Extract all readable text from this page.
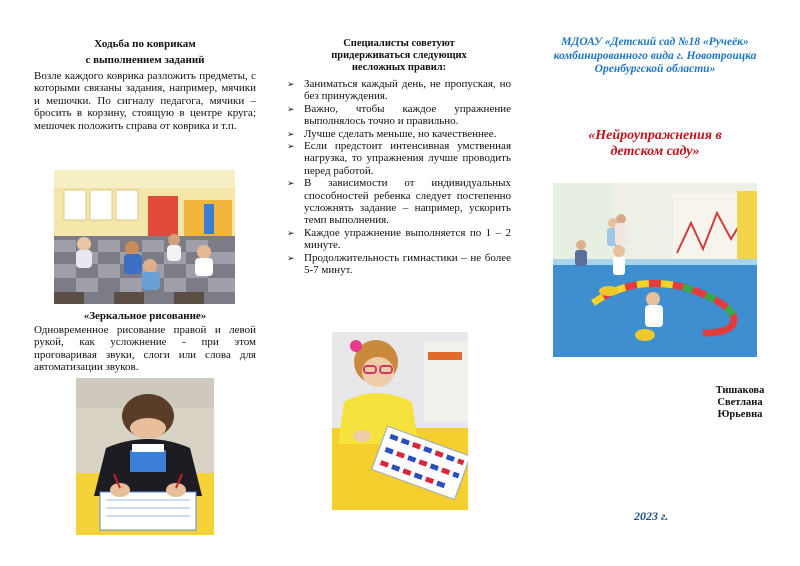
Ходьба по коврикам
с выполнением заданий
Возле каждого коврика разложить предметы, с которыми связаны задания, например, мячики и мешочки. По сигналу педагога, мячики – бросить в корзину, стоящую в центре круга; мешочек положить справа от коврика и т.п.
«Зеркальное рисование»
Одновременное рисование правой и левой рукой, как усложнение - при этом проговаривая звуки, слоги или слова для автоматизации звуков.
Специалисты советуют придерживаться следующих несложных правил:
➢ Заниматься каждый день, не пропуская, но без принуждения.
➢ Важно, чтобы каждое упражнение выполнялось точно и правильно.
➢ Лучше сделать меньше, но качественнее.
➢ Если предстоит интенсивная умственная нагрузка, то упражнения лучше проводить перед работой.
➢ В зависимости от индивидуальных способностей ребенка следует постепенно усложнять задание – например, ускорить темп выполнения.
➢ Каждое упражнение выполняется по 1 – 2 минуте.
➢ Продолжительность гимнастики – не более 5-7 минут.
МДОАУ «Детский сад №18 «Ручеёк» комбинированного вида г. Новотроицка Оренбургской области»
«Нейроупражнения в детском саду»
Тишакова
Светлана
Юрьевна
2023 г.
